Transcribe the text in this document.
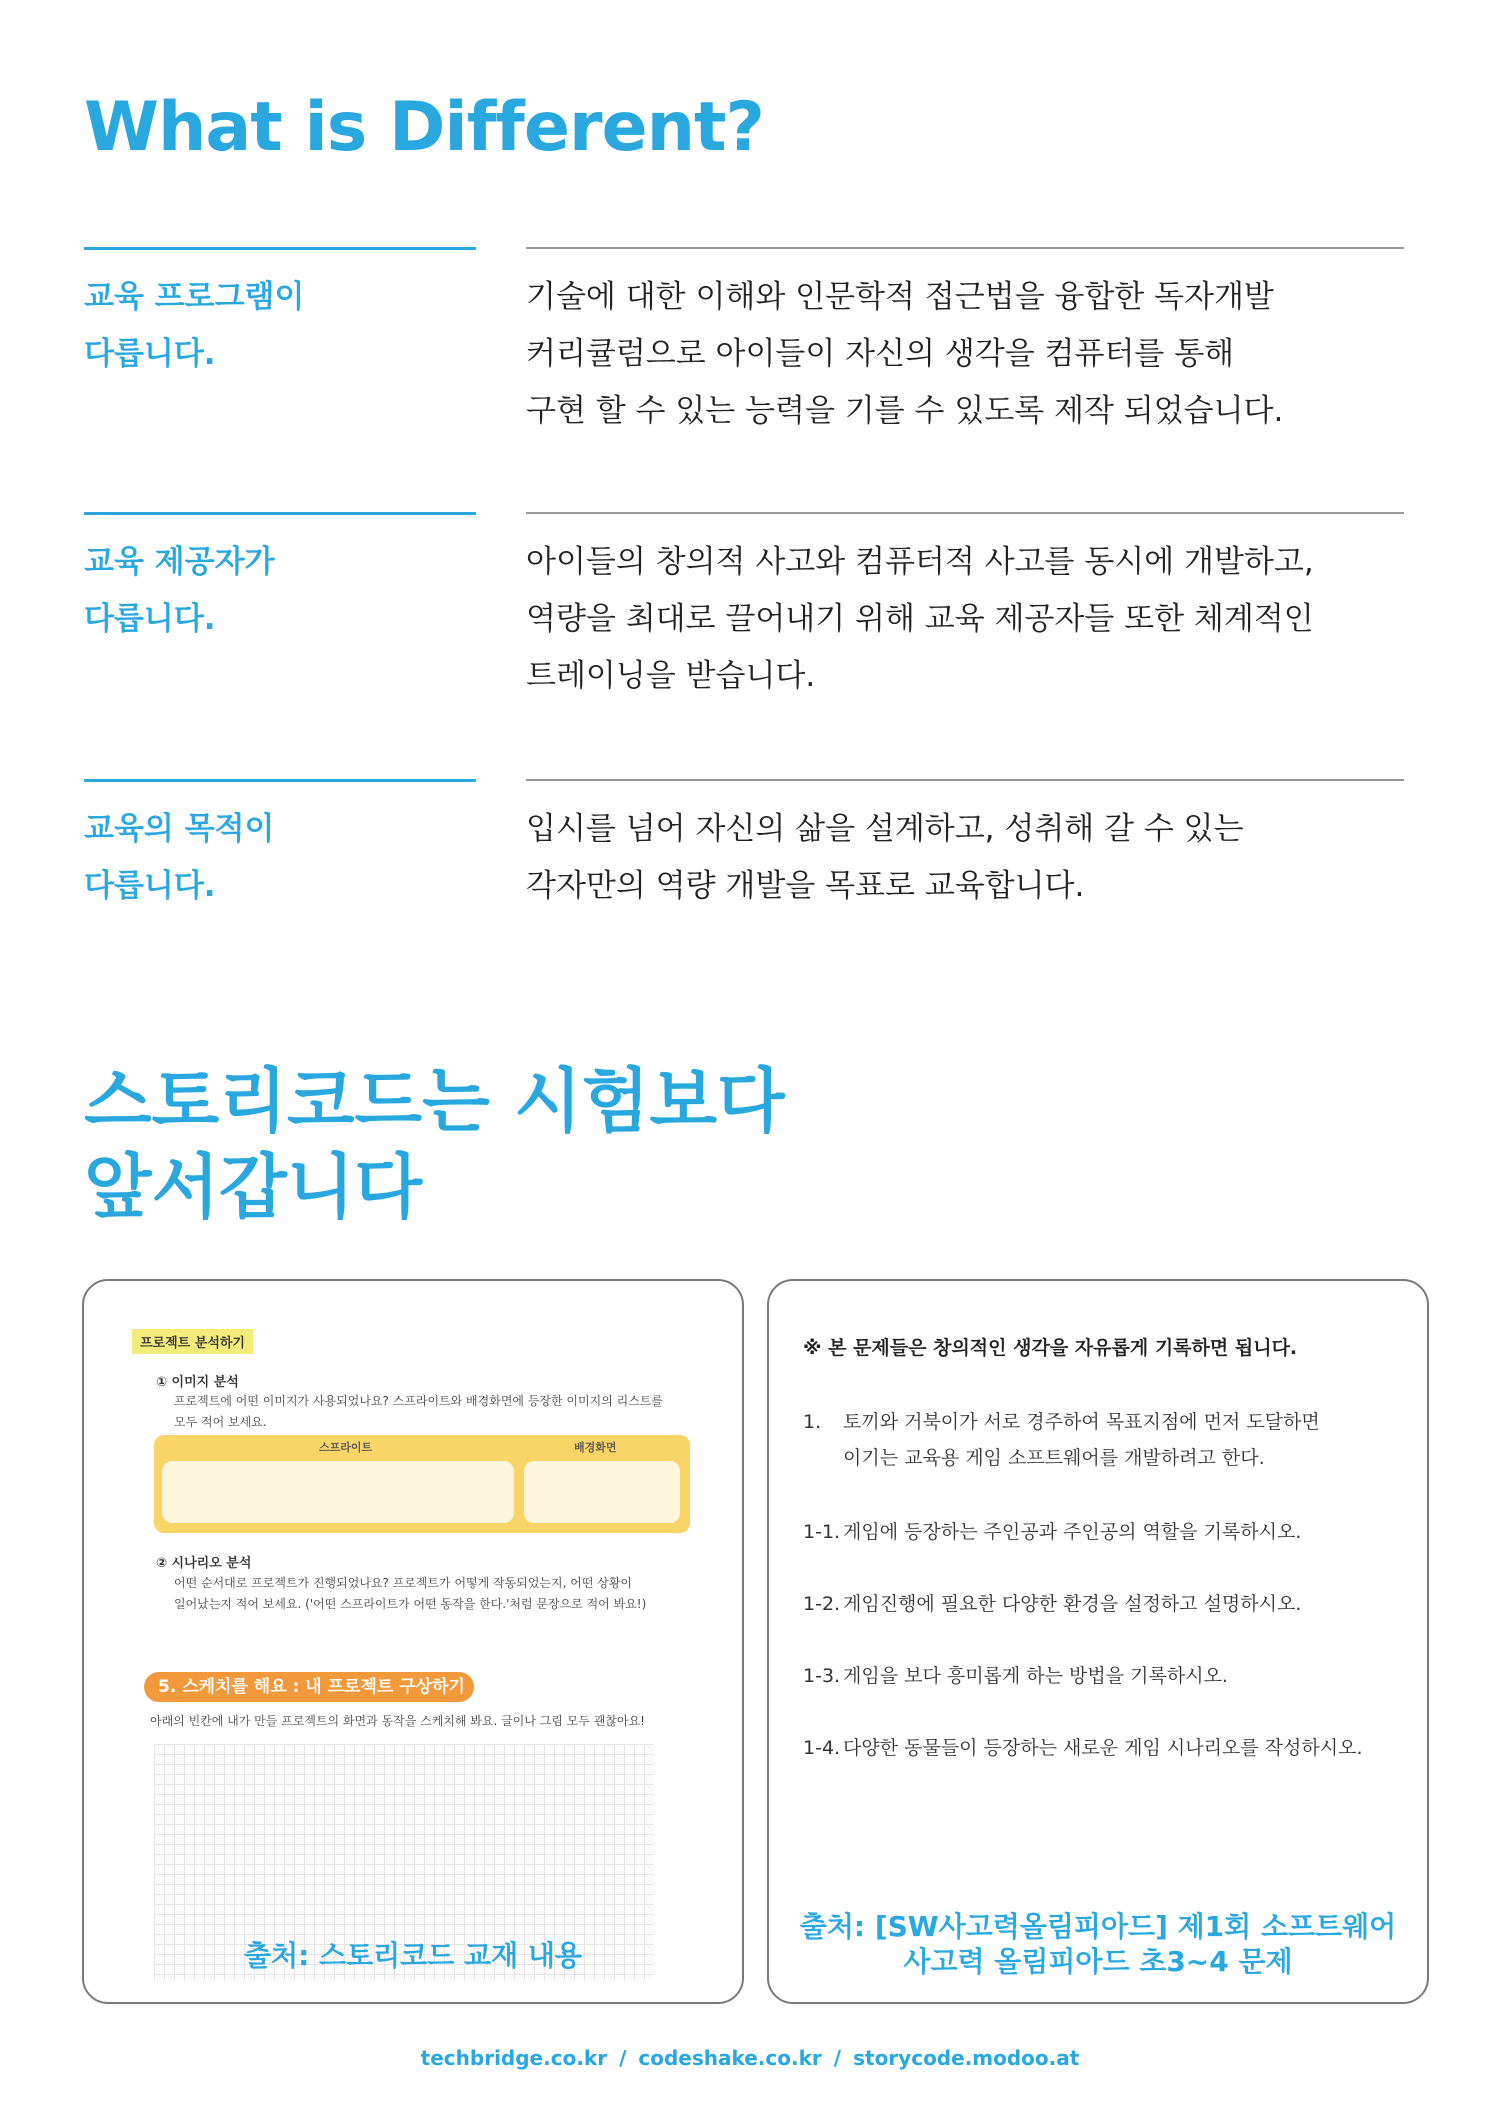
What is Different?
교육 프로그램이
다릅니다.
기술에 대한 이해와 인문학적 접근법을 융합한 독자개발
커리큘럼으로 아이들이 자신의 생각을 컴퓨터를 통해
구현 할 수 있는 능력을 기를 수 있도록 제작 되었습니다.
교육 제공자가
다릅니다.
아이들의 창의적 사고와 컴퓨터적 사고를 동시에 개발하고,
역량을 최대로 끌어내기 위해 교육 제공자들 또한 체계적인
트레이닝을 받습니다.
교육의 목적이
다릅니다.
입시를 넘어 자신의 삶을 설계하고, 성취해 갈 수 있는
각자만의 역량 개발을 목표로 교육합니다.
스토리코드는 시험보다
앞서갑니다
프로젝트 분석하기
① 이미지 분석
프로젝트에 어떤 이미지가 사용되었나요? 스프라이트와 배경화면에 등장한 이미지의 리스트를
모두 적어 보세요.
스프라이트	배경화면
② 시나리오 분석
어떤 순서대로 프로젝트가 진행되었나요? 프로젝트가 어떻게 작동되었는지, 어떤 상황이
일어났는지 적어 보세요. ('어떤 스프라이트가 어떤 동작을 한다.'처럼 문장으로 적어 봐요!)
5. 스케치를 해요 : 내 프로젝트 구상하기
아래의 빈칸에 내가 만들 프로젝트의 화면과 동작을 스케치해 봐요. 글이나 그림 모두 괜찮아요!
출처: 스토리코드 교재 내용
※ 본 문제들은 창의적인 생각을 자유롭게 기록하면 됩니다.
1. 토끼와 거북이가 서로 경주하여 목표지점에 먼저 도달하면
이기는 교육용 게임 소프트웨어를 개발하려고 한다.
1-1. 게임에 등장하는 주인공과 주인공의 역할을 기록하시오.
1-2. 게임진행에 필요한 다양한 환경을 설정하고 설명하시오.
1-3. 게임을 보다 흥미롭게 하는 방법을 기록하시오.
1-4. 다양한 동물들이 등장하는 새로운 게임 시나리오를 작성하시오.
출처: [SW사고력올림피아드] 제1회 소프트웨어
사고력 올림피아드 초3~4 문제
techbridge.co.kr / codeshake.co.kr / storycode.modoo.at
